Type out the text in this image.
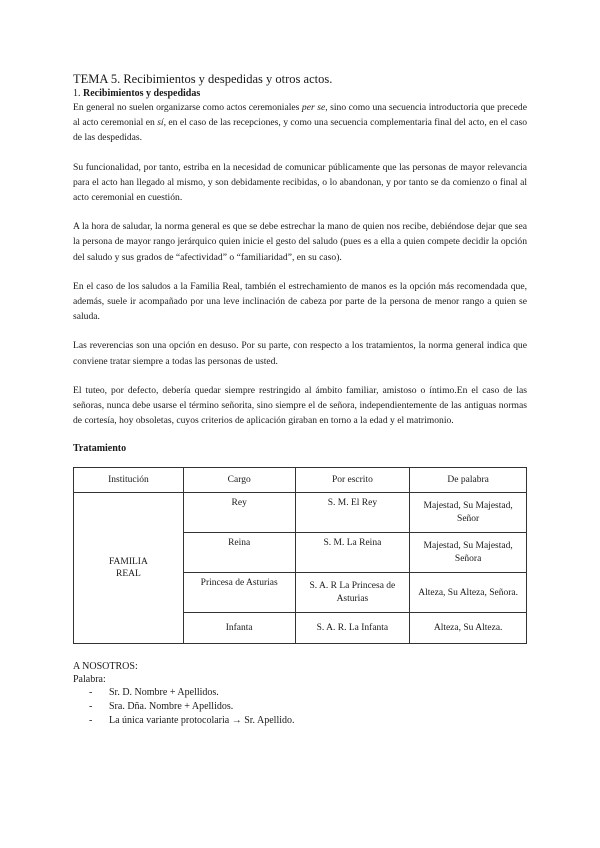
TEMA 5. Recibimientos y despedidas y otros actos.
1. Recibimientos y despedidas

En general no suelen organizarse como actos ceremoniales per se, sino como una secuencia introductoria que precede al acto ceremonial en sí, en el caso de las recepciones, y como una secuencia complementaria final del acto, en el caso de las despedidas.

Su funcionalidad, por tanto, estriba en la necesidad de comunicar públicamente que las personas de mayor relevancia para el acto han llegado al mismo, y son debidamente recibidas, o lo abandonan, y por tanto se da comienzo o final al acto ceremonial en cuestión.

A la hora de saludar, la norma general es que se debe estrechar la mano de quien nos recibe, debiéndose dejar que sea la persona de mayor rango jerárquico quien inicie el gesto del saludo (pues es a ella a quien compete decidir la opción del saludo y sus grados de “afectividad” o “familiaridad”, en su caso).

En el caso de los saludos a la Familia Real, también el estrechamiento de manos es la opción más recomendada que, además, suele ir acompañado por una leve inclinación de cabeza por parte de la persona de menor rango a quien se saluda.

Las reverencias son una opción en desuso. Por su parte, con respecto a los tratamientos, la norma general indica que conviene tratar siempre a todas las personas de usted.

El tuteo, por defecto, debería quedar siempre restringido al ámbito familiar, amistoso o íntimo.En el caso de las señoras, nunca debe usarse el término señorita, sino siempre el de señora, independientemente de las antiguas normas de cortesía, hoy obsoletas, cuyos criterios de aplicación giraban en torno a la edad y el matrimonio.

Tratamiento
Institución	Cargo	Por escrito	De palabra
FAMILIA REAL	Rey	S. M. El Rey	Majestad, Su Majestad, Señor
	Reina	S. M. La Reina	Majestad, Su Majestad, Señora
	Princesa de Asturias	S. A. R La Princesa de Asturias	Alteza, Su Alteza, Señora.
	Infanta	S. A. R. La Infanta	Alteza, Su Alteza.
A NOSOTROS:
Palabra:
- Sr. D. Nombre + Apellidos.
- Sra. Dña. Nombre + Apellidos.
- La única variante protocolaria → Sr. Apellido.
